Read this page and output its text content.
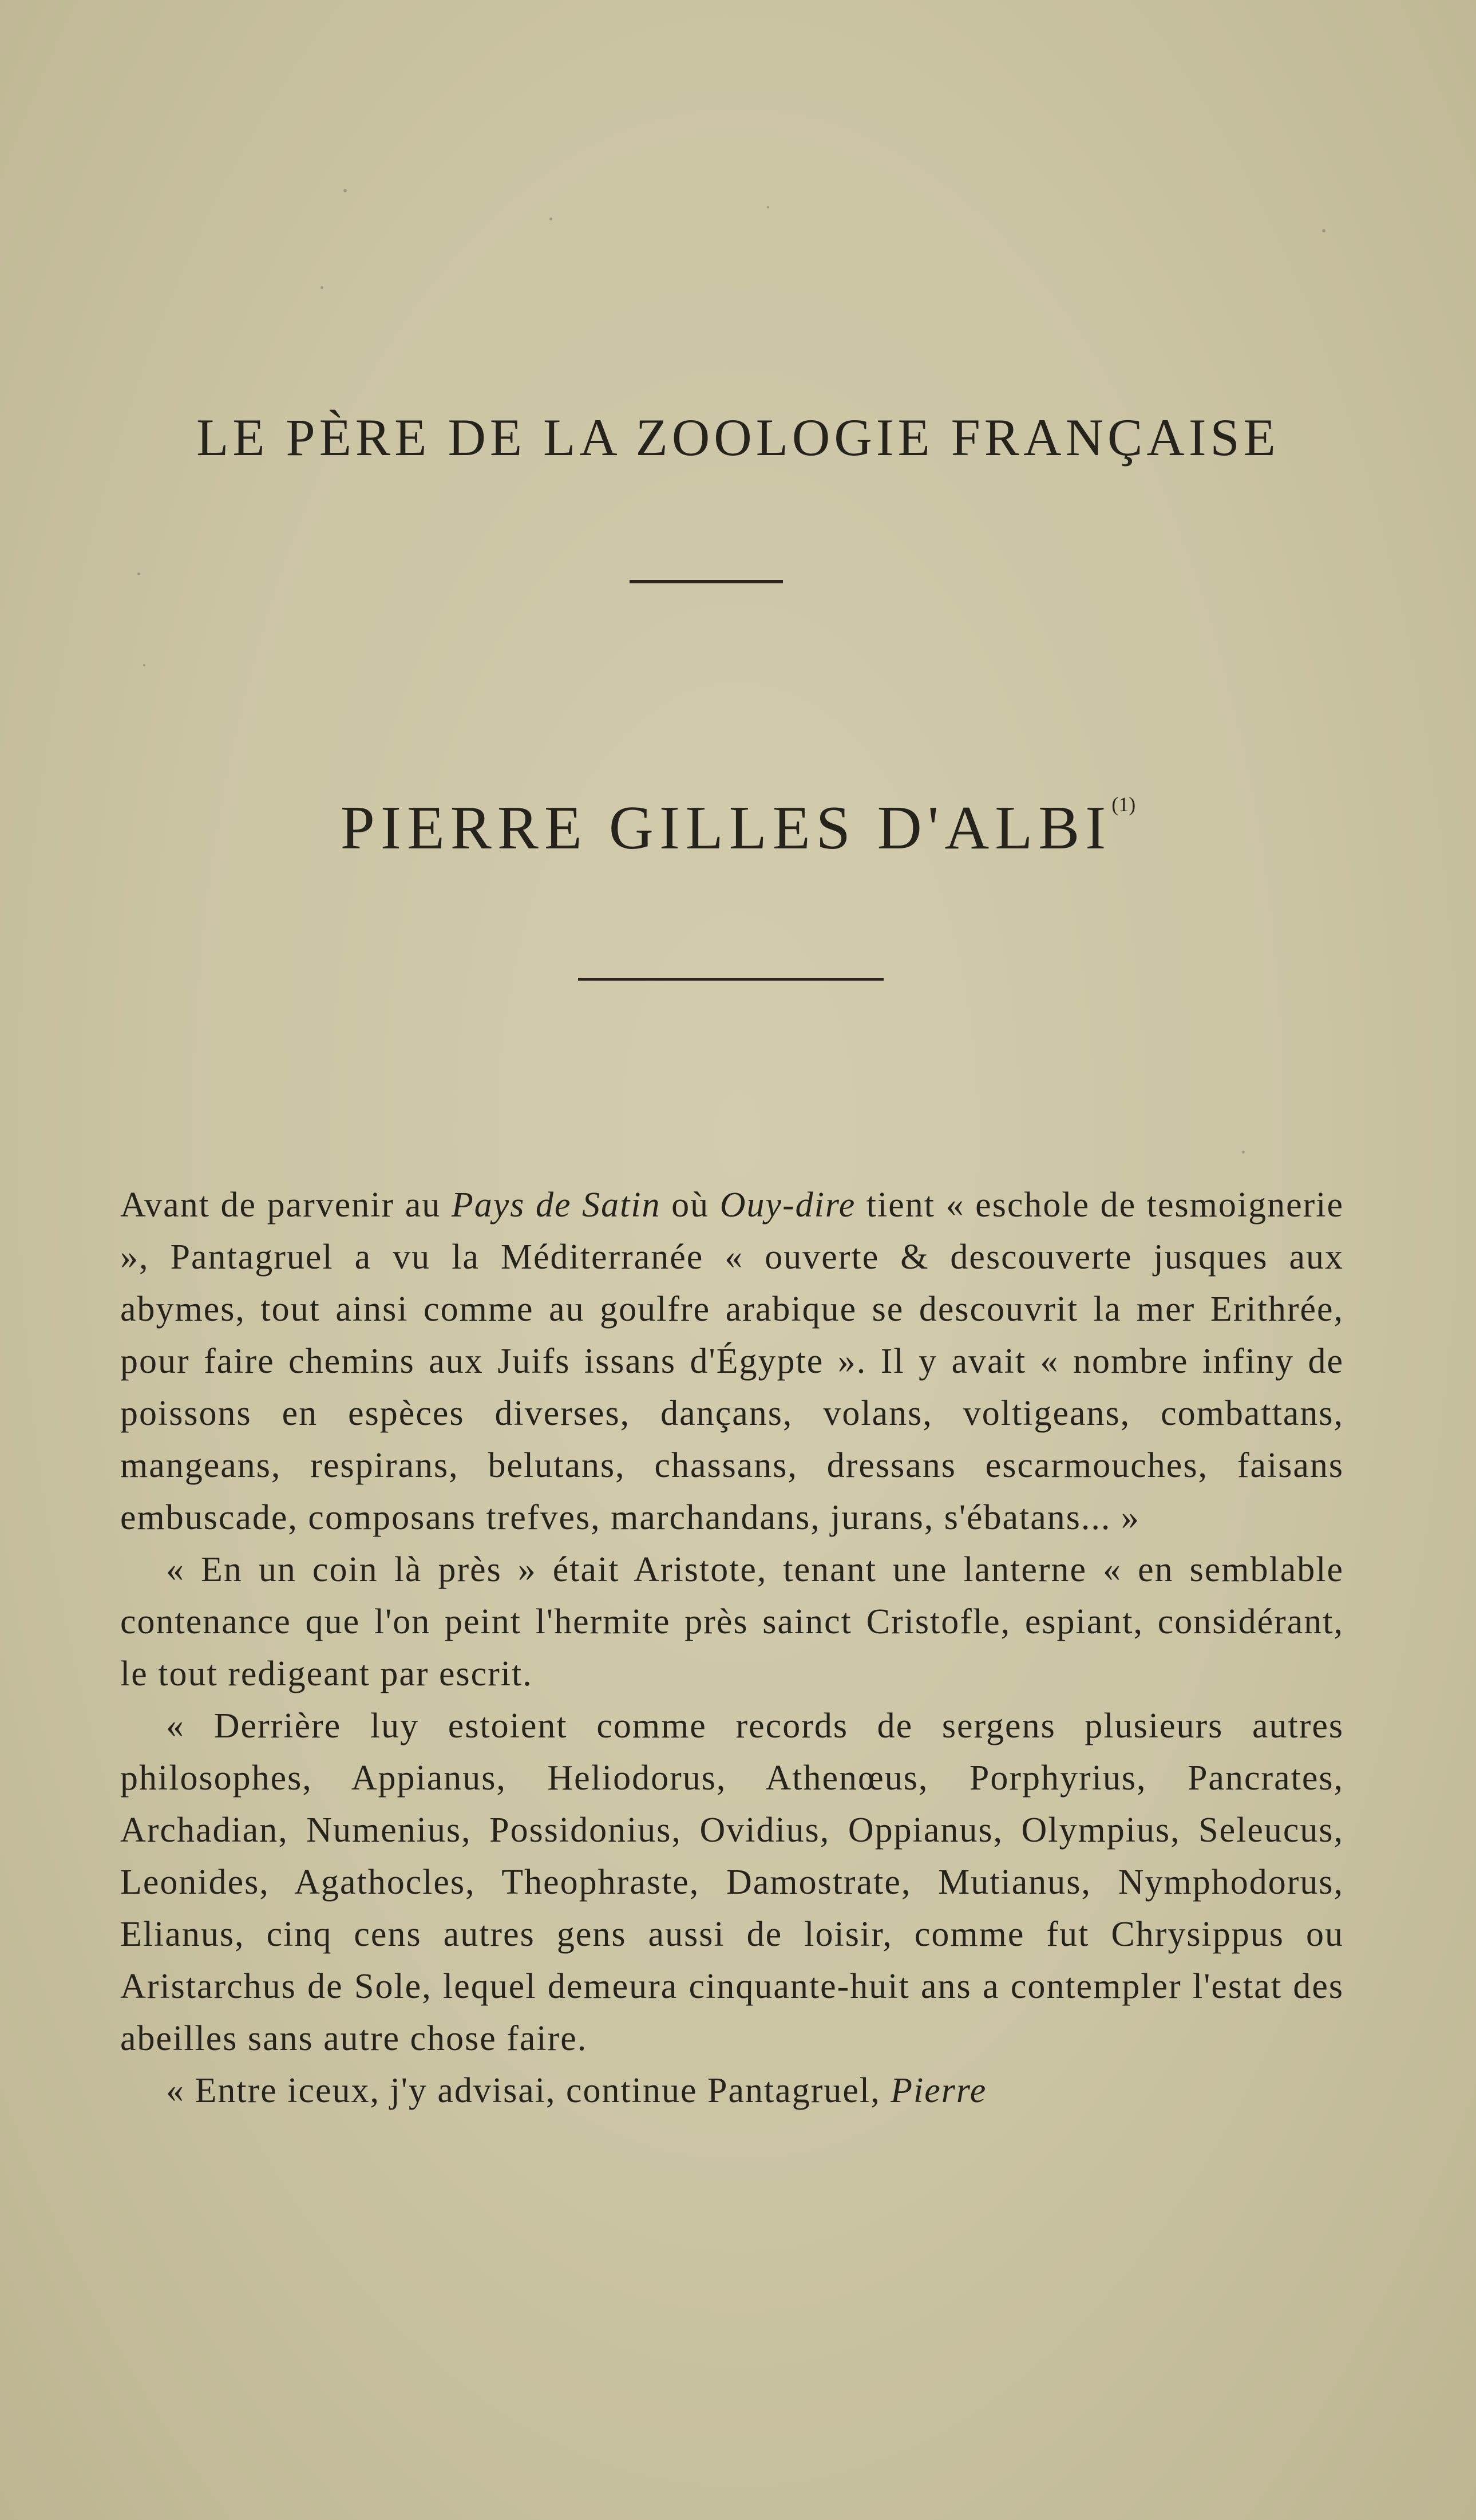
LE PÈRE DE LA ZOOLOGIE FRANÇAISE
PIERRE GILLES D'ALBI$^{(1)}$

Avant de parvenir au Pays de Satin où Ouy-dire tient « eschole de tesmoignerie », Pantagruel a vu la Méditerranée « ouverte & descouverte jusques aux abymes, tout ainsi comme au goulfre arabique se descouvrit la mer Erithrée, pour faire chemins aux Juifs issans d'Égypte ». Il y avait « nombre infiny de poissons en espèces diverses, dançans, volans, voltigeans, combattans, mangeans, respirans, belutans, chassans, dressans escarmouches, faisans embuscade, composans trefves, marchandans, jurans, s'ébatans... »

« En un coin là près » était Aristote, tenant une lanterne « en semblable contenance que l'on peint l'hermite près sainct Cristofle, espiant, considérant, le tout redigeant par escrit.

« Derrière luy estoient comme records de sergens plusieurs autres philosophes, Appianus, Heliodorus, Athenœus, Porphyrius, Pancrates, Archadian, Numenius, Possidonius, Ovidius, Oppianus, Olympius, Seleucus, Leonides, Agathocles, Theophraste, Damostrate, Mutianus, Nymphodorus, Elianus, cinq cens autres gens aussi de loisir, comme fut Chrysippus ou Aristarchus de Sole, lequel demeura cinquante-huit ans a contempler l'estat des abeilles sans autre chose faire.

« Entre iceux, j'y advisai, continue Pantagruel, Pierre
